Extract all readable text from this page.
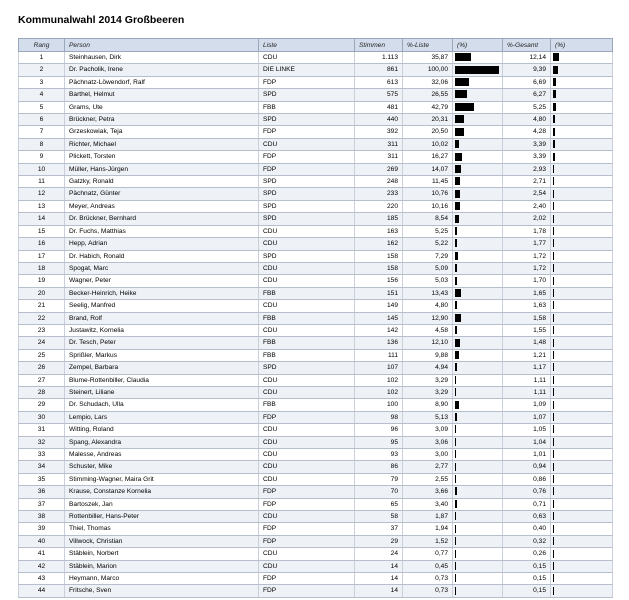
Kommunalwahl 2014 Großbeeren
Rang	Person	Liste	Stimmen	%-Liste	(%)	%-Gesamt	(%)
1	Steinhausen, Dirk	CDU	1.113	35,87		12,14	
2	Dr. Pacholik, Irene	DIE LINKE	861	100,00		9,39	
3	Pächnatz-Löwendorf, Ralf	FDP	613	32,06		6,69	
4	Barthel, Helmut	SPD	575	26,55		6,27	
5	Grams, Ute	FBB	481	42,79		5,25	
6	Brückner, Petra	SPD	440	20,31		4,80	
7	Grzeskowiak, Teja	FDP	392	20,50		4,28	
8	Richter, Michael	CDU	311	10,02		3,39	
9	Plickett, Torsten	FDP	311	16,27		3,39	
10	Müller, Hans-Jürgen	FDP	269	14,07		2,93	
11	Gatzky, Ronald	SPD	248	11,45		2,71	
12	Pächnatz, Günter	SPD	233	10,76		2,54	
13	Meyer, Andreas	SPD	220	10,16		2,40	
14	Dr. Brückner, Bernhard	SPD	185	8,54		2,02	
15	Dr. Fuchs, Matthias	CDU	163	5,25		1,78	
16	Hepp, Adrian	CDU	162	5,22		1,77	
17	Dr. Habich, Ronald	SPD	158	7,29		1,72	
18	Spogat, Marc	CDU	158	5,09		1,72	
19	Wagner, Peter	CDU	156	5,03		1,70	
20	Becker-Heinrich, Heike	FBB	151	13,43		1,65	
21	Seelig, Manfred	CDU	149	4,80		1,63	
22	Brand, Rolf	FBB	145	12,90		1,58	
23	Justawitz, Kornelia	CDU	142	4,58		1,55	
24	Dr. Tesch, Peter	FBB	136	12,10		1,48	
25	Sprißler, Markus	FBB	111	9,88		1,21	
26	Zempel, Barbara	SPD	107	4,94		1,17	
27	Blume-Rottenbiller, Claudia	CDU	102	3,29		1,11	
28	Steinert, Liliane	CDU	102	3,29		1,11	
29	Dr. Schudach, Ulla	FBB	100	8,90		1,09	
30	Lempio, Lars	FDP	98	5,13		1,07	
31	Witting, Roland	CDU	96	3,09		1,05	
32	Spang, Alexandra	CDU	95	3,06		1,04	
33	Malesse, Andreas	CDU	93	3,00		1,01	
34	Schuster, Mike	CDU	86	2,77		0,94	
35	Stimming-Wagner, Maira Grit	CDU	79	2,55		0,86	
36	Krause, Constanze Kornelia	FDP	70	3,66		0,76	
37	Bartoszek, Jan	FDP	65	3,40		0,71	
38	Rottenbiller, Hans-Peter	CDU	58	1,87		0,63	
39	Thiel, Thomas	FDP	37	1,94		0,40	
40	Villwock, Christian	FDP	29	1,52		0,32	
41	Stäblein, Norbert	CDU	24	0,77		0,26	
42	Stäblein, Marion	CDU	14	0,45		0,15	
43	Heymann, Marco	FDP	14	0,73		0,15	
44	Fritsche, Sven	FDP	14	0,73		0,15	
